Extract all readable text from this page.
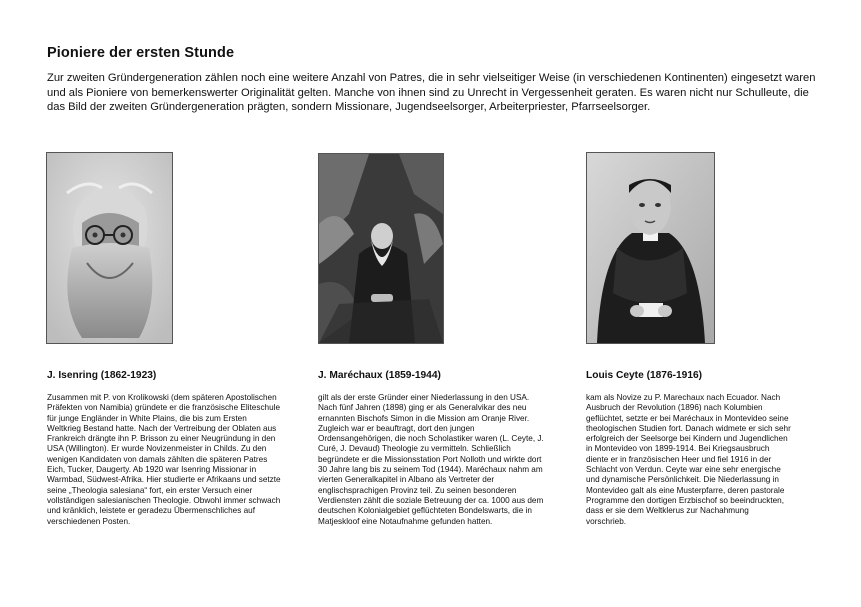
Pioniere der ersten Stunde

Zur zweiten Gründergeneration zählen noch eine weitere Anzahl von Patres, die in sehr vielseitiger Weise (in verschiedenen Kontinenten) eingesetzt waren und als Pioniere von bemerkenswerter Originalität gelten. Manche von ihnen sind zu Unrecht in Vergessenheit geraten. Es waren nicht nur Schulleute, die das Bild der zweiten Gründergeneration prägten, sondern Missionare, Jugendseelsorger, Arbeiterpriester, Pfarrseelsorger.

J. Isenring (1862-1923)	J. Maréchaux (1859-1944)	Louis Ceyte (1876-1916)

Zusammen mit P. von Krolikowski (dem späteren Apostolischen Präfekten von Namibia) gründete er die französische Eliteschule für junge Engländer in White Plains, die bis zum Ersten Weltkrieg Bestand hatte. Nach der Vertreibung der Oblaten aus Frankreich drängte ihn P. Brisson zu einer Neugründung in den USA (Willington). Er wurde Novizenmeister in Childs. Zu den wenigen Kandidaten von damals zählten die späteren Patres Eich, Tucker, Daugerty. Ab 1920 war Isenring Missionar in Warmbad, Südwest-Afrika. Hier studierte er Afrikaans und setzte seine „Theologia salesiana“ fort, ein erster Versuch einer vollständigen salesianischen Theologie. Obwohl immer schwach und kränklich, leistete er geradezu Übermenschliches auf verschiedenen Posten.

gilt als der erste Gründer einer Niederlassung in den USA. Nach fünf Jahren (1898) ging er als Generalvikar des neu ernannten Bischofs Simon in die Mission am Oranje River. Zugleich war er beauftragt, dort den jungen Ordensangehörigen, die noch Scholastiker waren (L. Ceyte, J. Curé, J. Devaud) Theologie zu vermitteln. Schließlich begründete er die Missionsstation Port Nolloth und wirkte dort 30 Jahre lang bis zu seinem Tod (1944). Maréchaux nahm am vierten Generalkapitel in Albano als Vertreter der englischsprachigen Provinz teil. Zu seinen besonderen Verdiensten zählt die soziale Betreuung der ca. 1000 aus dem deutschen Kolonialgebiet geflüchteten Bondelswarts, die in Matjeskloof eine Notaufnahme gefunden hatten.

kam als Novize zu P. Marechaux nach Ecuador. Nach Ausbruch der Revolution (1896) nach Kolumbien geflüchtet, setzte er bei Maréchaux in Montevideo seine theologischen Studien fort. Danach widmete er sich sehr erfolgreich der Seelsorge bei Kindern und Jugendlichen in Montevideo von 1899-1914. Bei Kriegsausbruch diente er in französischen Heer und fiel 1916 in der Schlacht von Verdun. Ceyte war eine sehr energische und dynamische Persönlichkeit. Die Niederlassung in Montevideo galt als eine Musterpfarre, deren pastorale Programme den dortigen Erzbischof so beeindruckten, dass er sie dem Weltklerus zur Nachahmung vorschrieb.
